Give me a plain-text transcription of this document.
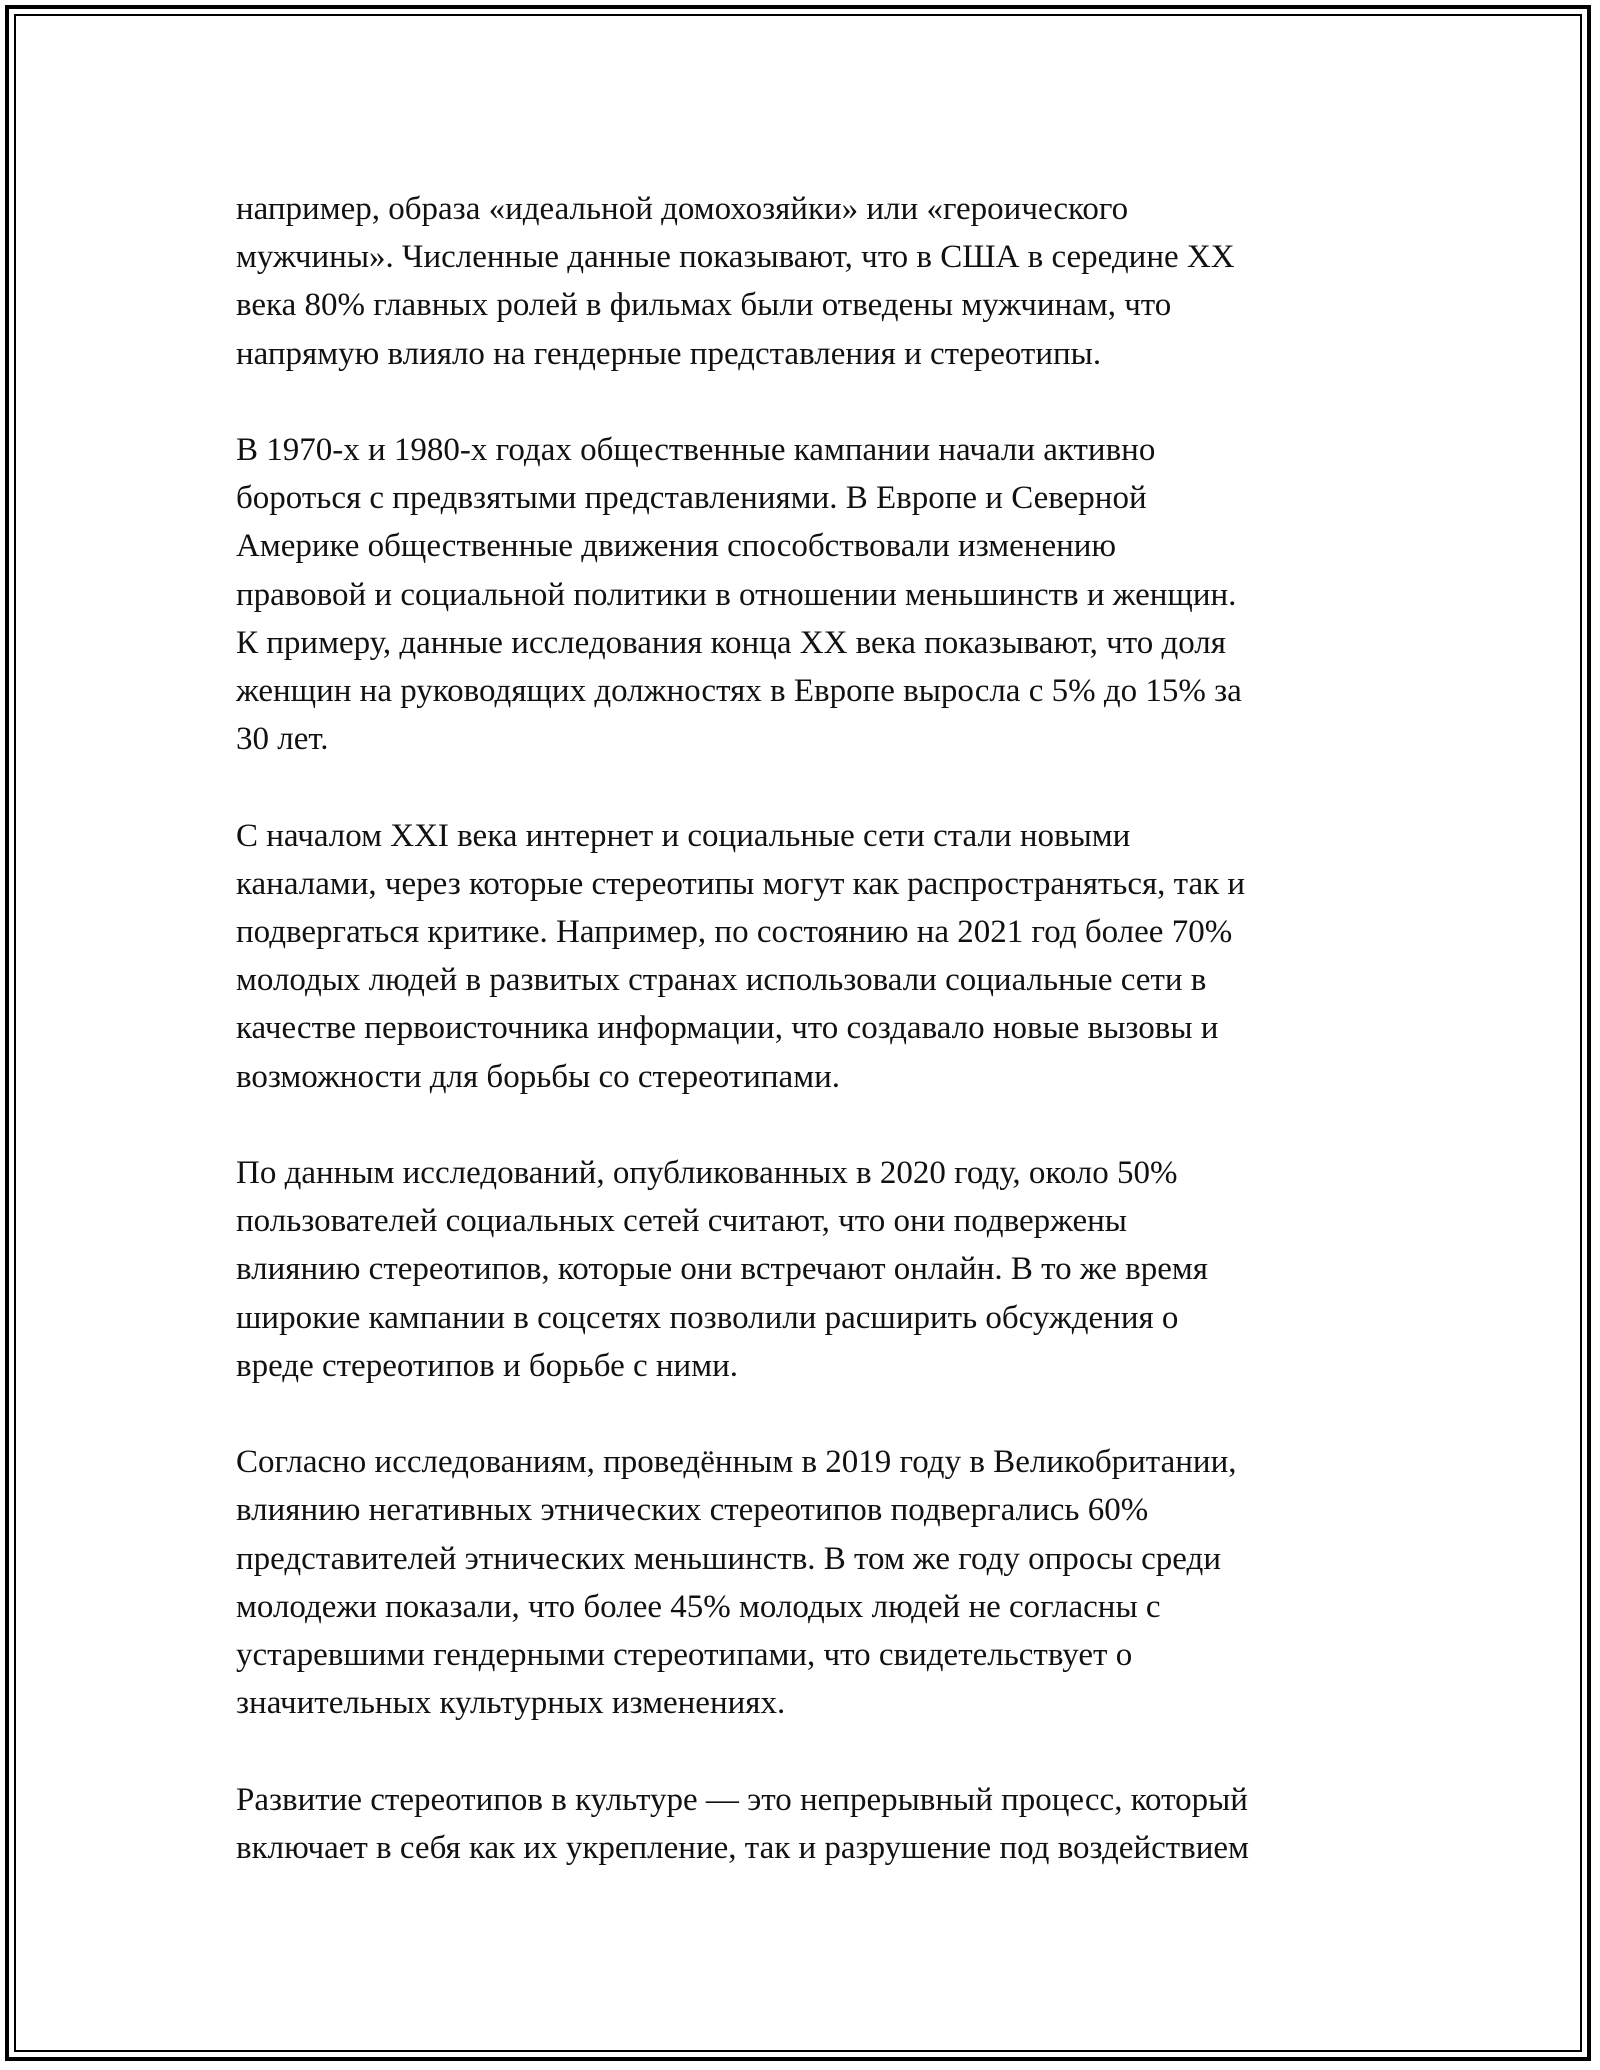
например, образа «идеальной домохозяйки» или «героического
мужчины». Численные данные показывают, что в США в середине XX
века 80% главных ролей в фильмах были отведены мужчинам, что
напрямую влияло на гендерные представления и стереотипы.
В 1970-х и 1980-х годах общественные кампании начали активно
бороться с предвзятыми представлениями. В Европе и Северной
Америке общественные движения способствовали изменению
правовой и социальной политики в отношении меньшинств и женщин.
К примеру, данные исследования конца XX века показывают, что доля
женщин на руководящих должностях в Европе выросла с 5% до 15% за
30 лет.
С началом XXI века интернет и социальные сети стали новыми
каналами, через которые стереотипы могут как распространяться, так и
подвергаться критике. Например, по состоянию на 2021 год более 70%
молодых людей в развитых странах использовали социальные сети в
качестве первоисточника информации, что создавало новые вызовы и
возможности для борьбы со стереотипами.
По данным исследований, опубликованных в 2020 году, около 50%
пользователей социальных сетей считают, что они подвержены
влиянию стереотипов, которые они встречают онлайн. В то же время
широкие кампании в соцсетях позволили расширить обсуждения о
вреде стереотипов и борьбе с ними.
Согласно исследованиям, проведённым в 2019 году в Великобритании,
влиянию негативных этнических стереотипов подвергались 60%
представителей этнических меньшинств. В том же году опросы среди
молодежи показали, что более 45% молодых людей не согласны с
устаревшими гендерными стереотипами, что свидетельствует о
значительных культурных изменениях.
Развитие стереотипов в культуре — это непрерывный процесс, который
включает в себя как их укрепление, так и разрушение под воздействием
